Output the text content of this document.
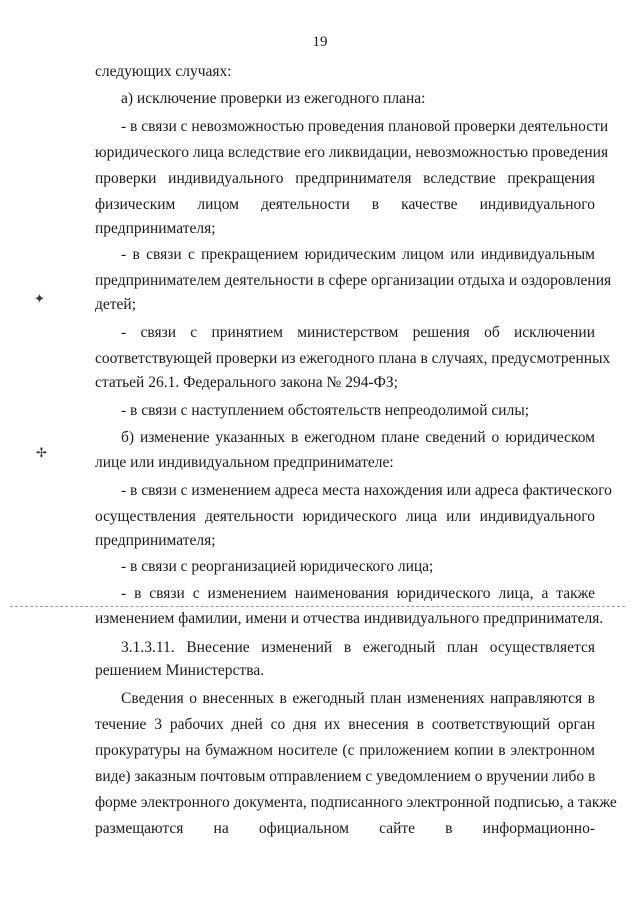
19
следующих случаях:
а) исключение проверки из ежегодного плана:
- в связи с невозможностью проведения плановой проверки деятельности
юридического лица вследствие его ликвидации, невозможностью проведения
проверки индивидуального предпринимателя вследствие прекращения
физическим лицом деятельности в качестве индивидуального
предпринимателя;
- в связи с прекращением юридическим лицом или индивидуальным
предпринимателем деятельности в сфере организации отдыха и оздоровления
детей;
- связи с принятием министерством решения об исключении
соответствующей проверки из ежегодного плана в случаях, предусмотренных
статьей 26.1. Федерального закона № 294-ФЗ;
- в связи с наступлением обстоятельств непреодолимой силы;
б) изменение указанных в ежегодном плане сведений о юридическом
лице или индивидуальном предпринимателе:
- в связи с изменением адреса места нахождения или адреса фактического
осуществления деятельности юридического лица или индивидуального
предпринимателя;
- в связи с реорганизацией юридического лица;
- в связи с изменением наименования юридического лица, а также
изменением фамилии, имени и отчества индивидуального предпринимателя.
3.1.3.11. Внесение изменений в ежегодный план осуществляется
решением Министерства.
Сведения о внесенных в ежегодный план изменениях направляются в
течение 3 рабочих дней со дня их внесения в соответствующий орган
прокуратуры на бумажном носителе (с приложением копии в электронном
виде) заказным почтовым отправлением с уведомлением о вручении либо в
форме электронного документа, подписанного электронной подписью, а также
размещаются на официальном сайте в информационно-
✦
✢
